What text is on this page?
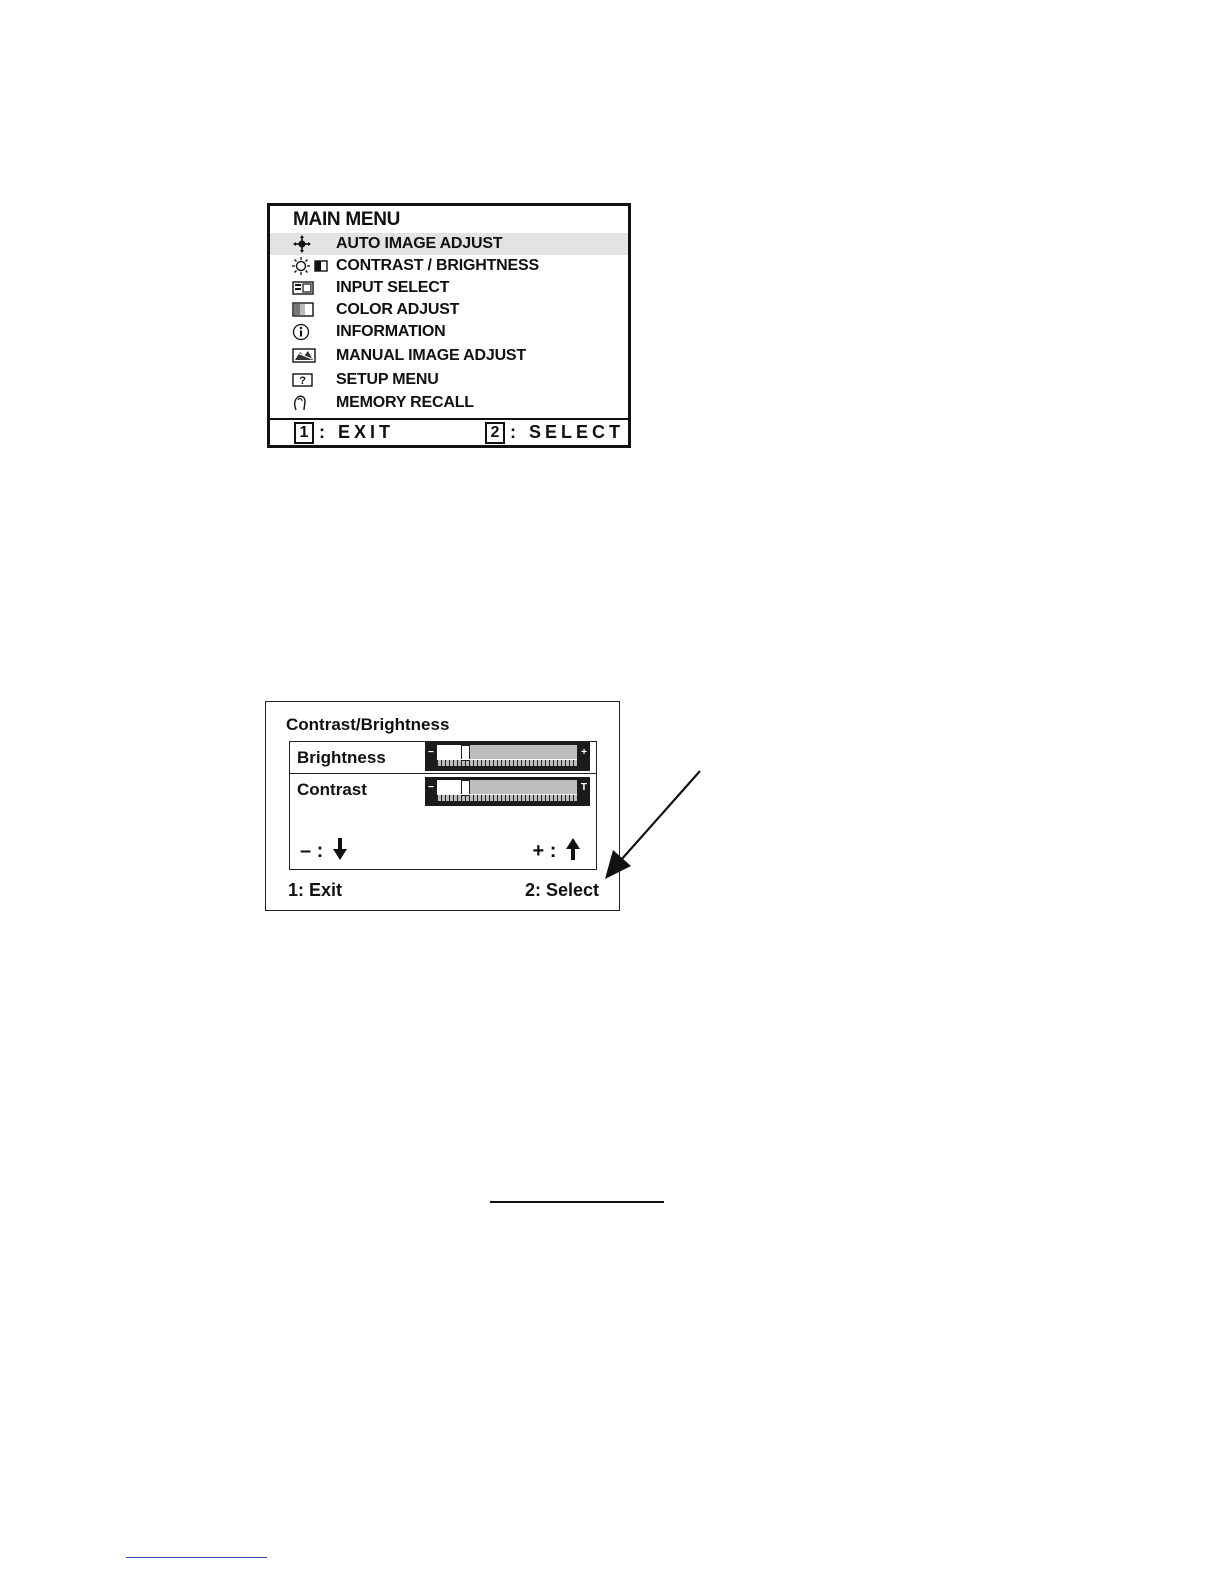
MAIN MENU
AUTO IMAGE ADJUST
CONTRAST / BRIGHTNESS
INPUT SELECT
COLOR ADJUST
INFORMATION
MANUAL IMAGE ADJUST
? SETUP MENU
MEMORY RECALL
1 : EXIT	2 : SELECT
Contrast/Brightness
Brightness	−	+
Contrast	−	T
– :	+ :
1: Exit	2: Select
